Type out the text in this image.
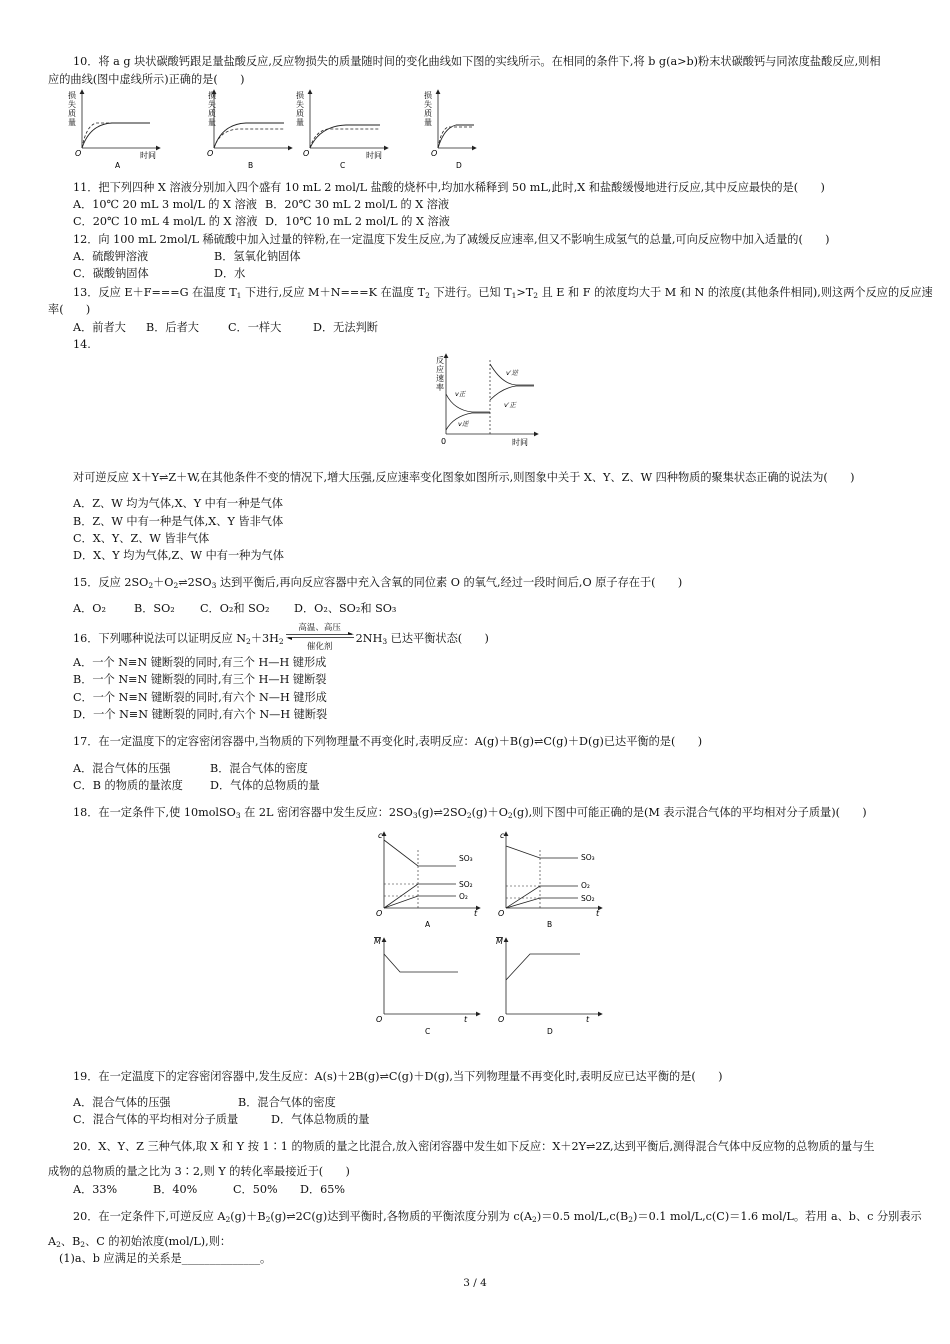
10．将 a g 块状碳酸钙跟足量盐酸反应,反应物损失的质量随时间的变化曲线如下图的实线所示。在相同的条件下,将 b g(a>b)粉末状碳酸钙与同浓度盐酸反应,则相
应的曲线(图中虚线所示)正确的是(　　)
损
失
质
量
O	时间
A
损
失
质
量
O
B
损
失
质
量
O	时间
C
损
失
质
量
O
D
11．把下列四种 X 溶液分别加入四个盛有 10 mL 2 mol/L 盐酸的烧杯中,均加水稀释到 50 mL,此时,X 和盐酸缓慢地进行反应,其中反应最快的是(　　)
A．10℃ 20 mL 3 mol/L 的 X 溶液 B．20℃ 30 mL 2 mol/L 的 X 溶液
C．20℃ 10 mL 4 mol/L 的 X 溶液 D．10℃ 10 mL 2 mol/L 的 X 溶液
12．向 100 mL 2mol/L 稀硫酸中加入过量的锌粉,在一定温度下发生反应,为了减缓反应速率,但又不影响生成氢气的总量,可向反应物中加入适量的(　　)
A．硫酸钾溶液	B．氢氧化钠固体
C．碳酸钠固体	D．水
13．反应 E＋F===G 在温度 $T_1$ 下进行,反应 M＋N===K 在温度 $T_2$ 下进行。已知 $T_1>T_2$ 且 E 和 F 的浓度均大于 M 和 N 的浓度(其他条件相同),则这两个反应的反应速
率(　　)
A．前者大 B．后者大	C．一样大	D．无法判断
14.
反
应
速
率
v正
v逆
v′逆
v′正
0	时间
对可逆反应 X＋Y⇌Z＋W,在其他条件不变的情况下,增大压强,反应速率变化图象如图所示,则图象中关于 X、Y、Z、W 四种物质的聚集状态正确的说法为(　　)
A．Z、W 均为气体,X、Y 中有一种是气体
B．Z、W 中有一种是气体,X、Y 皆非气体
C．X、Y、Z、W 皆非气体
D．X、Y 均为气体,Z、W 中有一种为气体
15．反应 $2SO_2+O_2\rightleftharpoons 2SO_3$ 达到平衡后,再向反应容器中充入含氧的同位素 O 的氧气,经过一段时间后,O 原子存在于(　　)
A．O₂	B．SO₂ C．O₂和 SO₂ D．O₂、SO₂和 SO₃
16．下列哪种说法可以证明反应 $N_2+3H_2$
高温、高压
催化剂
$2NH_3$ 已达平衡状态(　　)
A．一个 N≡N 键断裂的同时,有三个 H—H 键形成
B．一个 N≡N 键断裂的同时,有三个 H—H 键断裂
C．一个 N≡N 键断裂的同时,有六个 N—H 键形成
D．一个 N≡N 键断裂的同时,有六个 N—H 键断裂
17．在一定温度下的定容密闭容器中,当物质的下列物理量不再变化时,表明反应：A(g)＋B(g)⇌C(g)＋D(g)已达平衡的是(　　)
A．混合气体的压强	B．混合气体的密度
C．B 的物质的量浓度 D．气体的总物质的量
18．在一定条件下,使 10molSO$_3$ 在 2L 密闭容器中发生反应：$2SO_3(g)\rightleftharpoons 2SO_2(g)+O_2(g)$,则下图中可能正确的是(M 表示混合气体的平均相对分子质量)(　　)
c
SO₃
SO₂
O₂
O	t
A
c
SO₃
O₂
SO₂
O	t
B
M
O	t
C
M
O	t
D
19．在一定温度下的定容密闭容器中,发生反应：A(s)＋2B(g)⇌C(g)＋D(g),当下列物理量不再变化时,表明反应已达平衡的是(　　)
A．混合气体的压强	B．混合气体的密度
C．混合气体的平均相对分子质量	D．气体总物质的量
20．X、Y、Z 三种气体,取 X 和 Y 按 1∶1 的物质的量之比混合,放入密闭容器中发生如下反应：X＋2Y⇌2Z,达到平衡后,测得混合气体中反应物的总物质的量与生
成物的总物质的量之比为 3∶2,则 Y 的转化率最接近于(　　)
A．33%	B．40%	C．50% D．65%
20．在一定条件下,可逆反应 $A_2(g)+B_2(g)\rightleftharpoons 2C(g)$达到平衡时,各物质的平衡浓度分别为 $c(A_2)=0.5$ mol/$L,c(B_2)=0.1$ mol/L,c(C)＝1.6 mol/L。若用 a、b、c 分别表示
$A_2$、$B_2$、C 的初始浓度(mol/L),则：
(1)a、b 应满足的关系是______________。
3 / 4
